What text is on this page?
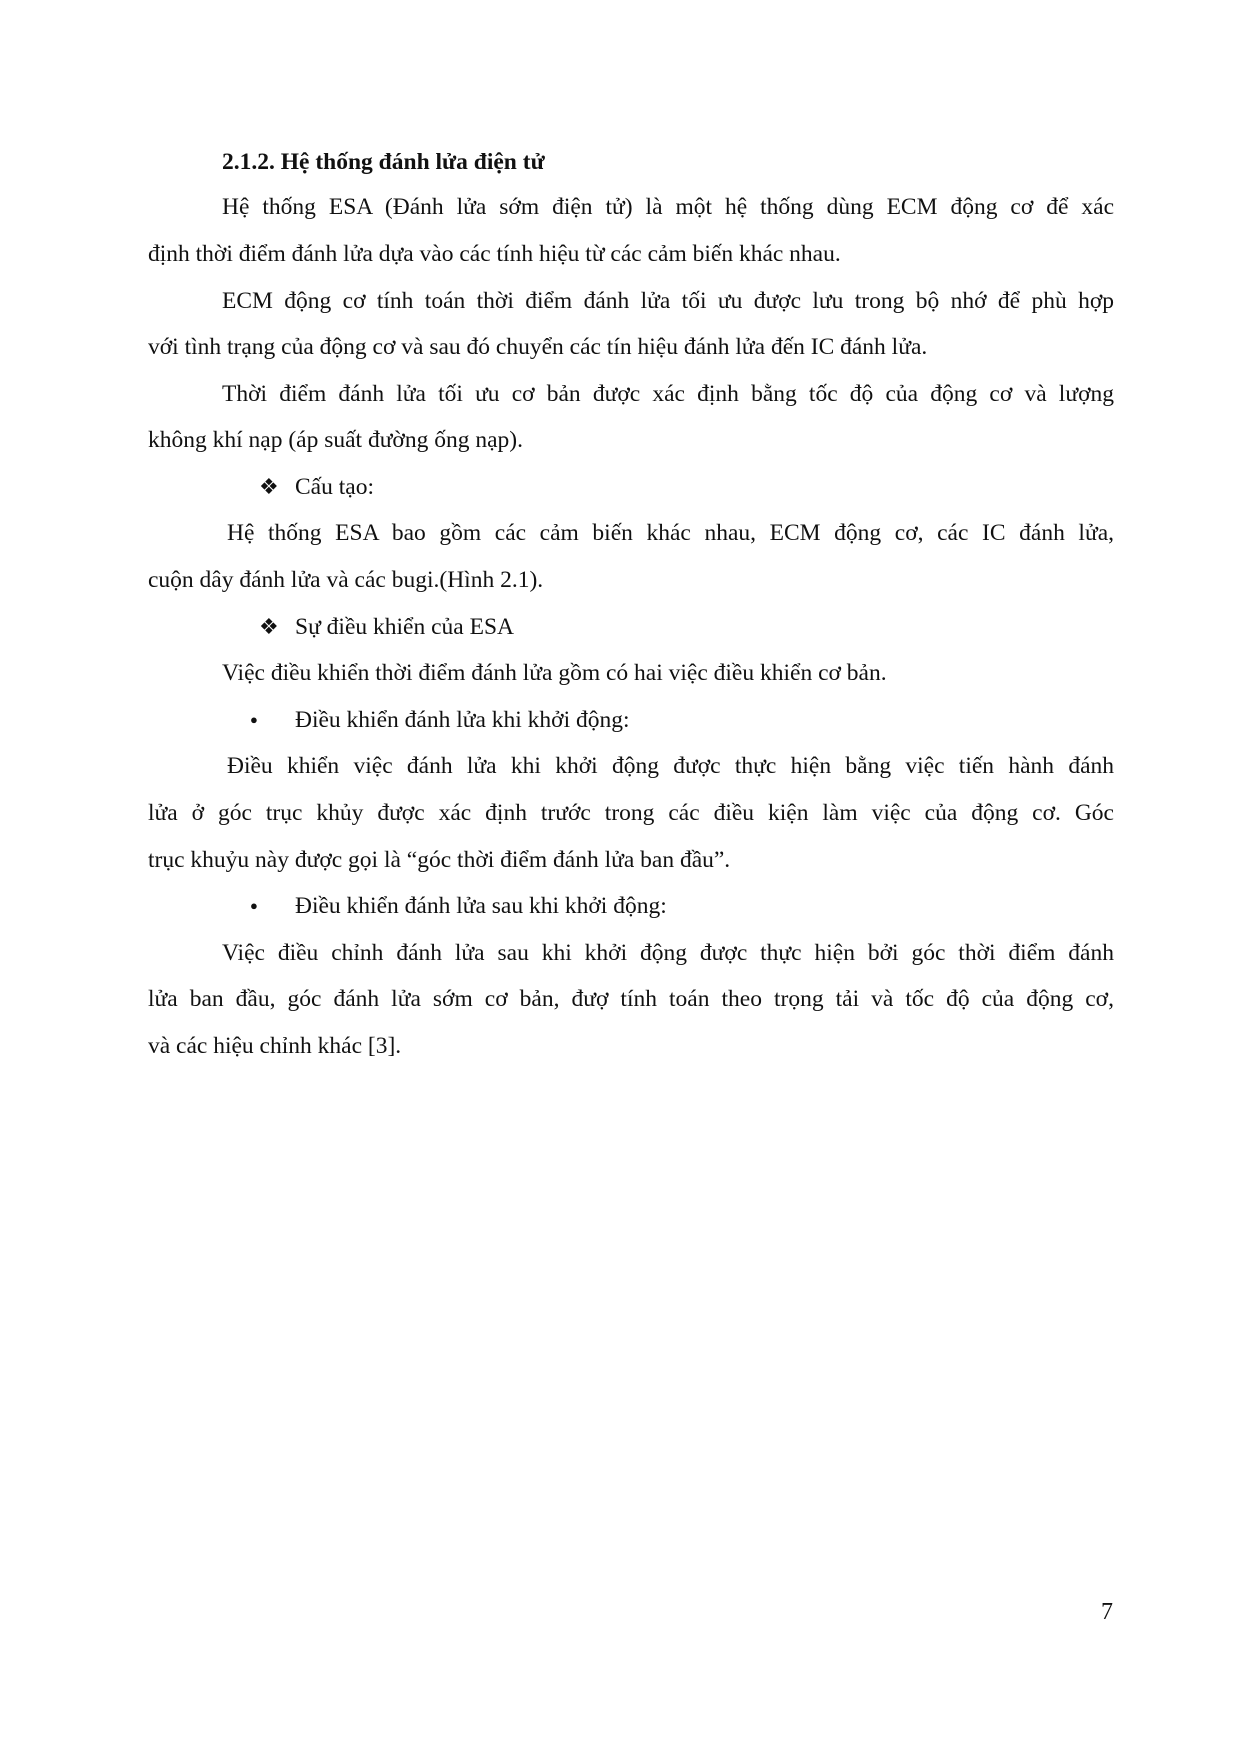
2.1.2. Hệ thống đánh lửa điện tử
Hệ thống ESA (Đánh lửa sớm điện tử) là một hệ thống dùng ECM động cơ để xác
định thời điểm đánh lửa dựa vào các tính hiệu từ các cảm biến khác nhau.
ECM động cơ tính toán thời điểm đánh lửa tối ưu được lưu trong bộ nhớ để phù hợp
với tình trạng của động cơ và sau đó chuyển các tín hiệu đánh lửa đến IC đánh lửa.
Thời điểm đánh lửa tối ưu cơ bản được xác định bằng tốc độ của động cơ và lượng
không khí nạp (áp suất đường ống nạp).
❖ Cấu tạo:
Hệ thống ESA bao gồm các cảm biến khác nhau, ECM động cơ, các IC đánh lửa,
cuộn dây đánh lửa và các bugi.(Hình 2.1).
❖ Sự điều khiển của ESA
Việc điều khiển thời điểm đánh lửa gồm có hai việc điều khiển cơ bản.
● Điều khiển đánh lửa khi khởi động:
Điều khiển việc đánh lửa khi khởi động được thực hiện bằng việc tiến hành đánh
lửa ở góc trục khủy được xác định trước trong các điều kiện làm việc của động cơ. Góc
trục khuỷu này được gọi là “góc thời điểm đánh lửa ban đầu”.
● Điều khiển đánh lửa sau khi khởi động:
Việc điều chỉnh đánh lửa sau khi khởi động được thực hiện bởi góc thời điểm đánh
lửa ban đầu, góc đánh lửa sớm cơ bản, đượ tính toán theo trọng tải và tốc độ của động cơ,
và các hiệu chỉnh khác [3].
7
